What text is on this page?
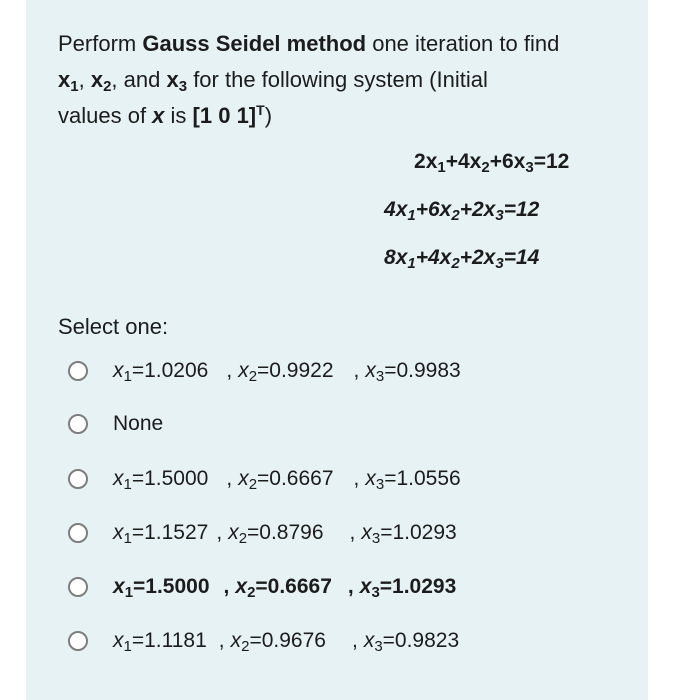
Perform Gauss Seidel method one iteration to find
$x_1$, $x_2$, and $x_3$ for the following system (Initial
values of x is [1 0 1]$^T$)
$2x_1+4x_2+6x_3=12$
$4x_1+6x_2+2x_3=12$
$8x_1+4x_2+2x_3=14$
Select one:
$x_1=1.0206$ , $x_2=0.9922$ , $x_3=0.9983$
None
$x_1=1.5000$ , $x_2=0.6667$ , $x_3=1.0556$
$x_1=1.1527$ , $x_2=0.8796$ , $x_3=1.0293$
$x_1=1.5000$ , $x_2=0.6667$ , $x_3=1.0293$
$x_1=1.1181$ , $x_2=0.9676$ , $x_3=0.9823$
